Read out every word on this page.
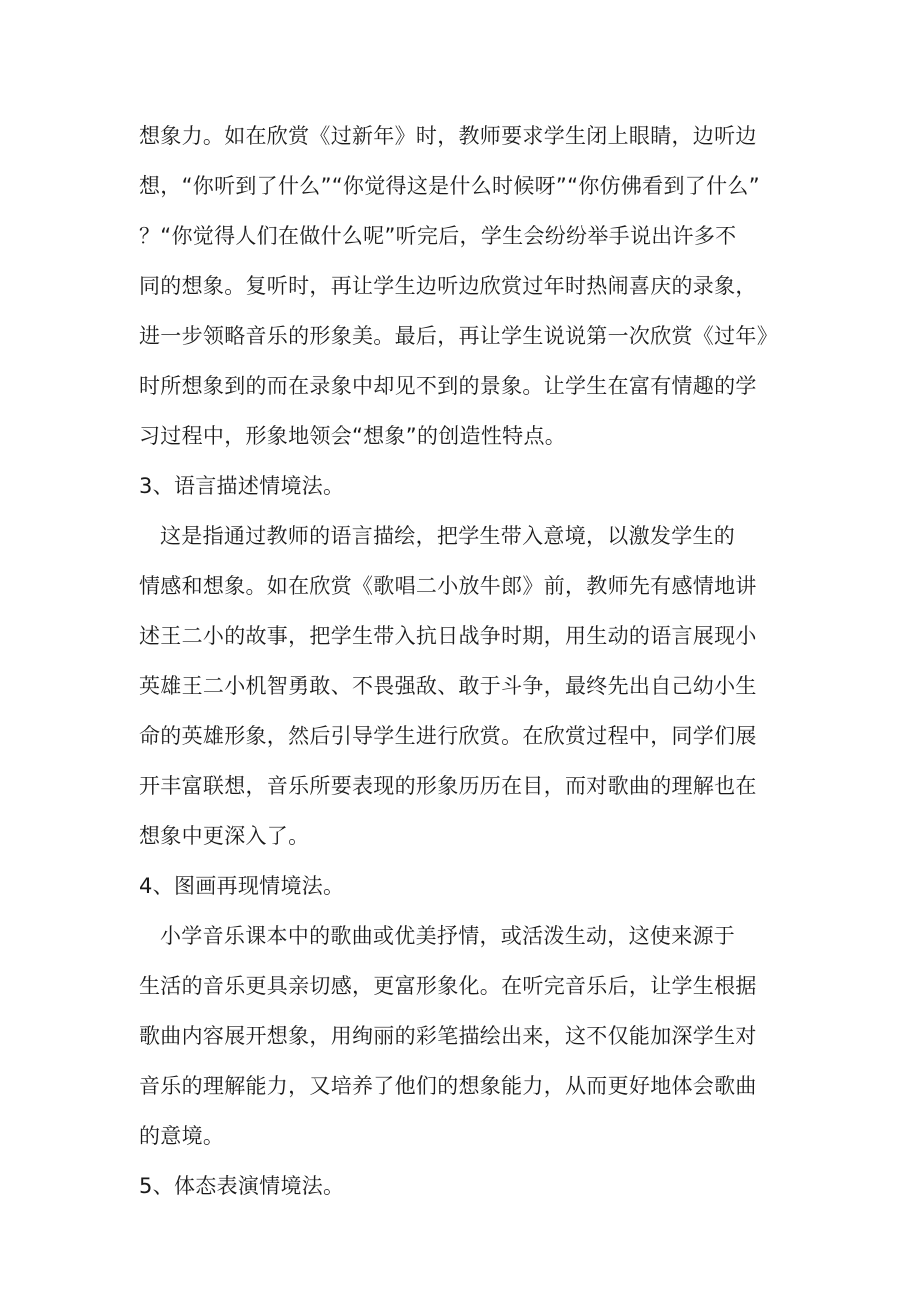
想象力。如在欣赏《过新年》时，教师要求学生闭上眼睛，边听边
想，“你听到了什么”“你觉得这是什么时候呀”“你仿佛看到了什么”
？“你觉得人们在做什么呢”听完后，学生会纷纷举手说出许多不
同的想象。复听时，再让学生边听边欣赏过年时热闹喜庆的录象，
进一步领略音乐的形象美。最后，再让学生说说第一次欣赏《过年》
时所想象到的而在录象中却见不到的景象。让学生在富有情趣的学
习过程中，形象地领会“想象”的创造性特点。
3、语言描述情境法。
这是指通过教师的语言描绘，把学生带入意境，以激发学生的
情感和想象。如在欣赏《歌唱二小放牛郎》前，教师先有感情地讲
述王二小的故事，把学生带入抗日战争时期，用生动的语言展现小
英雄王二小机智勇敢、不畏强敌、敢于斗争，最终先出自己幼小生
命的英雄形象，然后引导学生进行欣赏。在欣赏过程中，同学们展
开丰富联想，音乐所要表现的形象历历在目，而对歌曲的理解也在
想象中更深入了。
4、图画再现情境法。
小学音乐课本中的歌曲或优美抒情，或活泼生动，这使来源于
生活的音乐更具亲切感，更富形象化。在听完音乐后，让学生根据
歌曲内容展开想象，用绚丽的彩笔描绘出来，这不仅能加深学生对
音乐的理解能力，又培养了他们的想象能力，从而更好地体会歌曲
的意境。
5、体态表演情境法。
